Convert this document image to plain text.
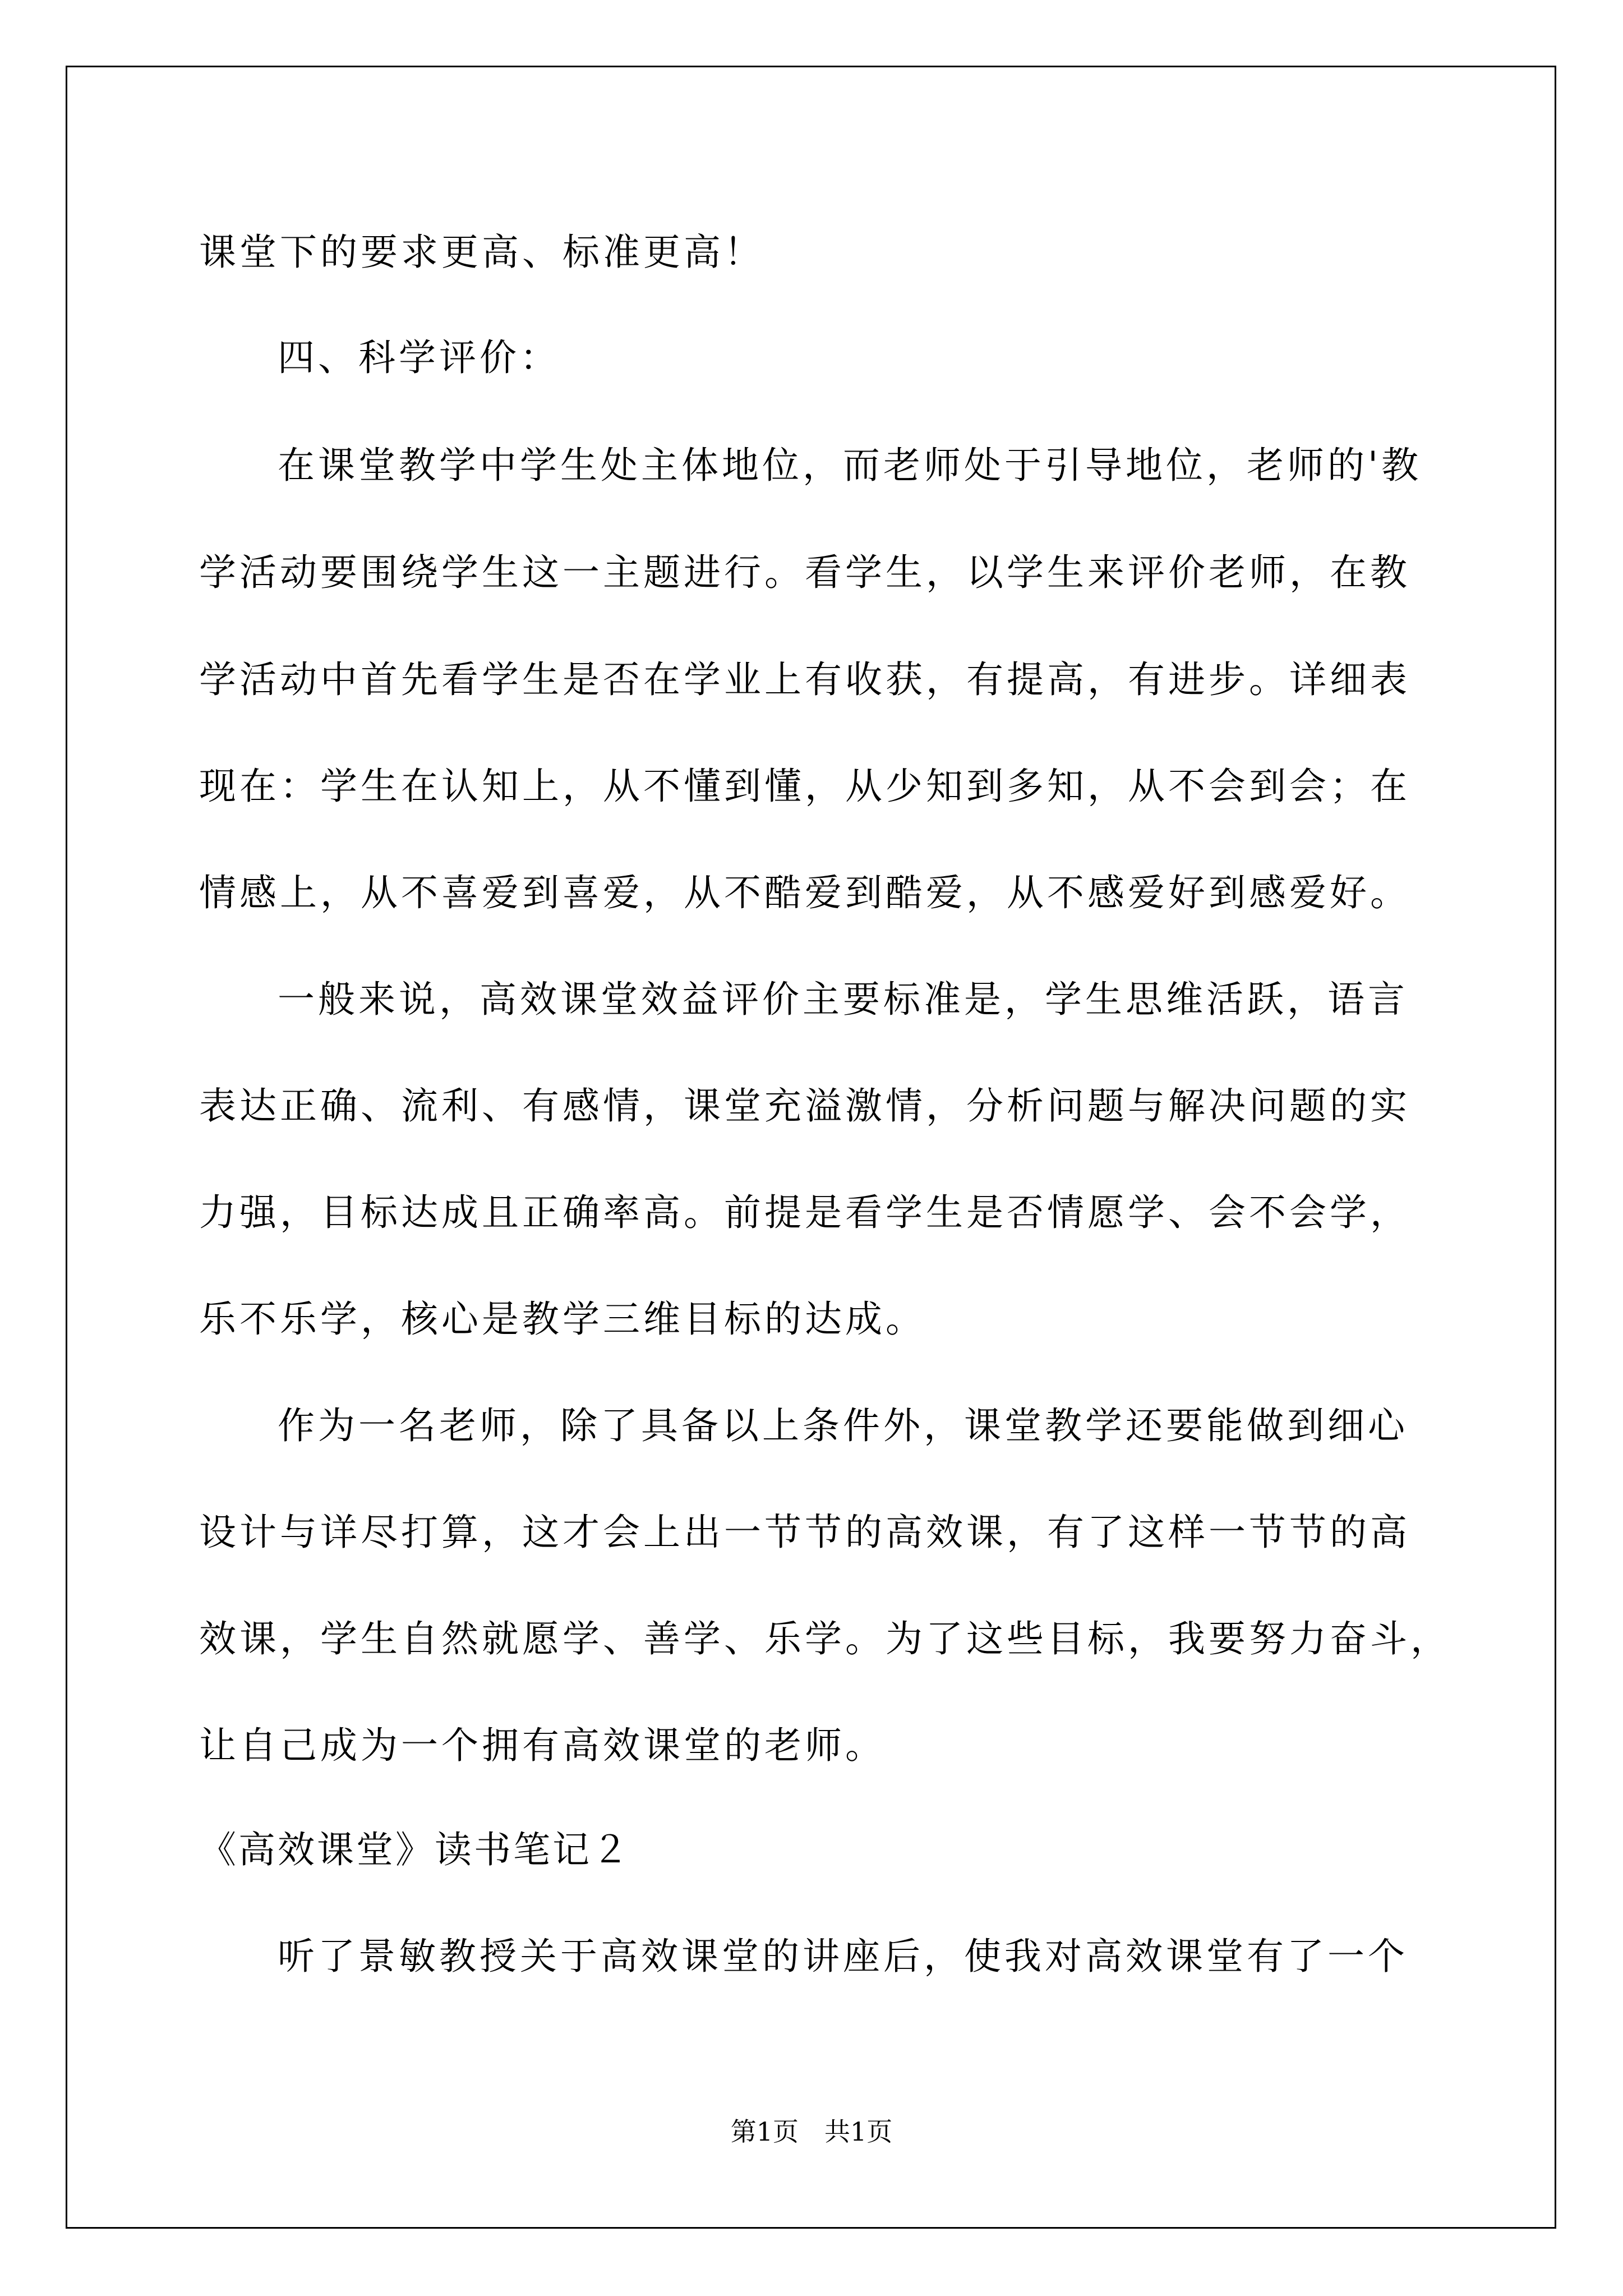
课堂下的要求更高、标准更高！
四、科学评价：
在课堂教学中学生处主体地位，而老师处于引导地位，老师的'教
学活动要围绕学生这一主题进行。看学生，以学生来评价老师，在教
学活动中首先看学生是否在学业上有收获，有提高，有进步。详细表
现在：学生在认知上，从不懂到懂，从少知到多知，从不会到会；在
情感上，从不喜爱到喜爱，从不酷爱到酷爱，从不感爱好到感爱好。
一般来说，高效课堂效益评价主要标准是，学生思维活跃，语言
表达正确、流利、有感情，课堂充溢激情，分析问题与解决问题的实
力强，目标达成且正确率高。前提是看学生是否情愿学、会不会学，
乐不乐学，核心是教学三维目标的达成。
作为一名老师，除了具备以上条件外，课堂教学还要能做到细心
设计与详尽打算，这才会上出一节节的高效课，有了这样一节节的高
效课，学生自然就愿学、善学、乐学。为了这些目标，我要努力奋斗，
让自己成为一个拥有高效课堂的老师。
《高效课堂》读书笔记２
听了景敏教授关于高效课堂的讲座后，使我对高效课堂有了一个
第1页　共1页
